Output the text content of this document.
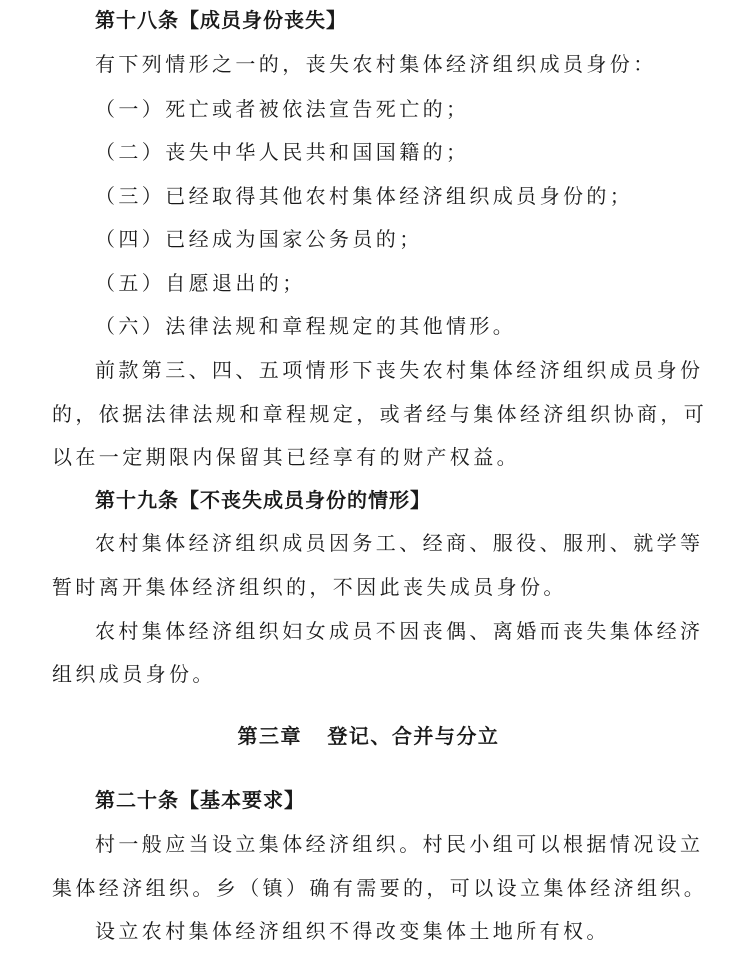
第十八条【成员身份丧失】
有下列情形之一的，丧失农村集体经济组织成员身份：
（一）死亡或者被依法宣告死亡的；
（二）丧失中华人民共和国国籍的；
（三）已经取得其他农村集体经济组织成员身份的；
（四）已经成为国家公务员的；
（五）自愿退出的；
（六）法律法规和章程规定的其他情形。
前款第三、四、五项情形下丧失农村集体经济组织成员身份
的，依据法律法规和章程规定，或者经与集体经济组织协商，可
以在一定期限内保留其已经享有的财产权益。
第十九条【不丧失成员身份的情形】
农村集体经济组织成员因务工、经商、服役、服刑、就学等
暂时离开集体经济组织的，不因此丧失成员身份。
农村集体经济组织妇女成员不因丧偶、离婚而丧失集体经济
组织成员身份。
第三章   登记、合并与分立
第二十条【基本要求】
村一般应当设立集体经济组织。村民小组可以根据情况设立
集体经济组织。乡（镇）确有需要的，可以设立集体经济组织。
设立农村集体经济组织不得改变集体土地所有权。
